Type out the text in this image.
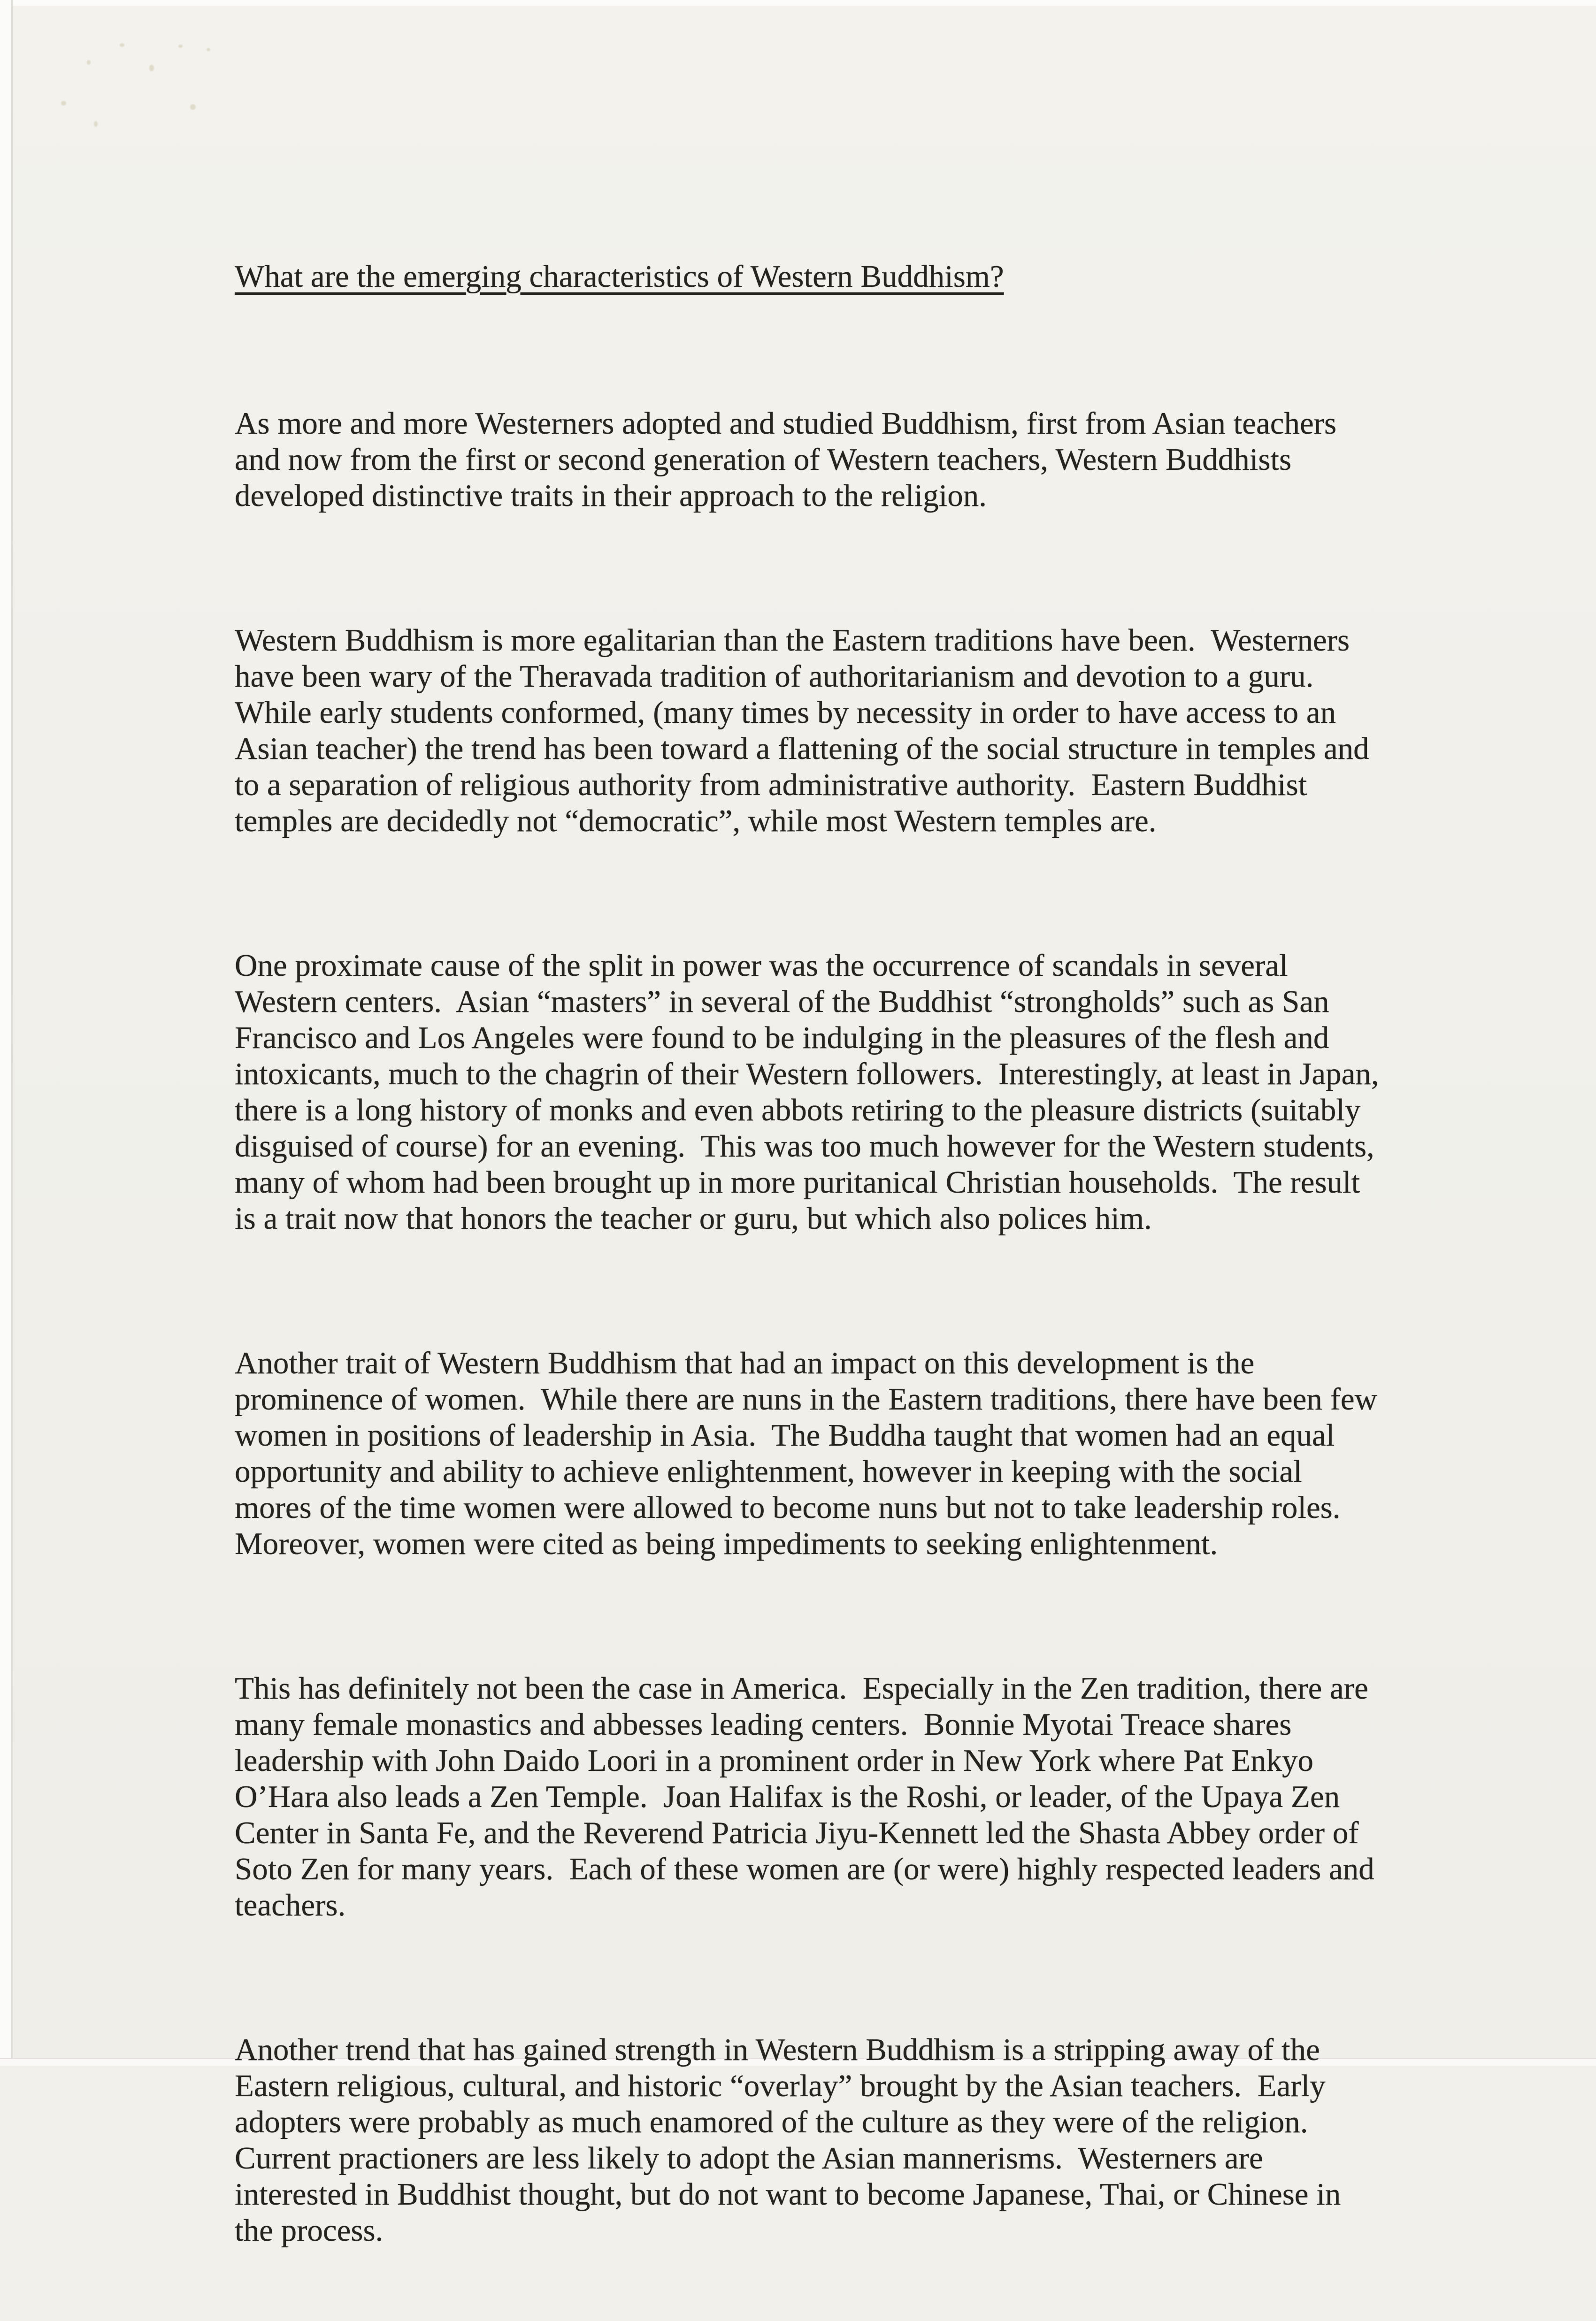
What are the emerging characteristics of Western Buddhism?

As more and more Westerners adopted and studied Buddhism, first from Asian teachers and now from the first or second generation of Western teachers, Western Buddhists developed distinctive traits in their approach to the religion.

Western Buddhism is more egalitarian than the Eastern traditions have been.  Westerners have been wary of the Theravada tradition of authoritarianism and devotion to a guru.  While early students conformed, (many times by necessity in order to have access to an Asian teacher) the trend has been toward a flattening of the social structure in temples and to a separation of religious authority from administrative authority.  Eastern Buddhist temples are decidedly not “democratic”, while most Western temples are.

One proximate cause of the split in power was the occurrence of scandals in several Western centers.  Asian “masters” in several of the Buddhist “strongholds” such as San Francisco and Los Angeles were found to be indulging in the pleasures of the flesh and intoxicants, much to the chagrin of their Western followers.  Interestingly, at least in Japan, there is a long history of monks and even abbots retiring to the pleasure districts (suitably disguised of course) for an evening.  This was too much however for the Western students, many of whom had been brought up in more puritanical Christian households.  The result is a trait now that honors the teacher or guru, but which also polices him.

Another trait of Western Buddhism that had an impact on this development is the prominence of women.  While there are nuns in the Eastern traditions, there have been few women in positions of leadership in Asia.  The Buddha taught that women had an equal opportunity and ability to achieve enlightenment, however in keeping with the social mores of the time women were allowed to become nuns but not to take leadership roles.  Moreover, women were cited as being impediments to seeking enlightenment.

This has definitely not been the case in America.  Especially in the Zen tradition, there are many female monastics and abbesses leading centers.  Bonnie Myotai Treace shares leadership with John Daido Loori in a prominent order in New York where Pat Enkyo O’Hara also leads a Zen Temple.  Joan Halifax is the Roshi, or leader, of the Upaya Zen Center in Santa Fe, and the Reverend Patricia Jiyu-Kennett led the Shasta Abbey order of Soto Zen for many years.  Each of these women are (or were) highly respected leaders and teachers.

Another trend that has gained strength in Western Buddhism is a stripping away of the Eastern religious, cultural, and historic “overlay” brought by the Asian teachers.  Early adopters were probably as much enamored of the culture as they were of the religion.  Current practioners are less likely to adopt the Asian mannerisms.  Westerners are interested in Buddhist thought, but do not want to become Japanese, Thai, or Chinese in the process.
